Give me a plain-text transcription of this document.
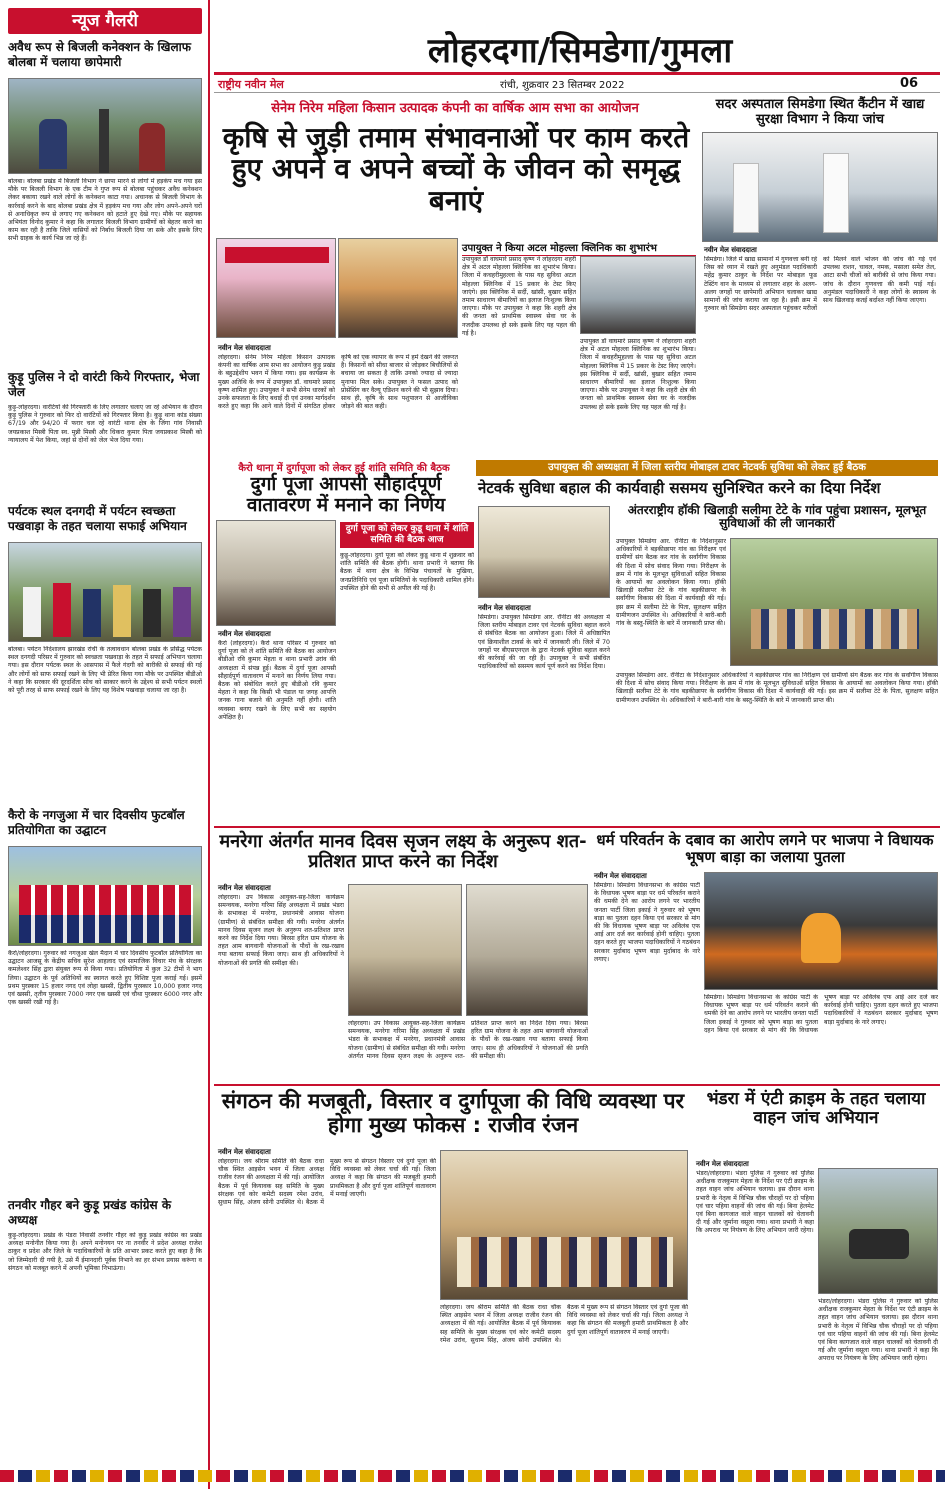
न्यूज गैलरी
अवैध रूप से बिजली कनेक्शन के खिलाफ बोलबा में चलाया छापेमारी
बोलबा। बोलबा प्रखंड में बिजली विभाग ने छापा मारने से लोगों में हड़कंप मच गया इस मौके पर बिजली विभाग के एक टीम ने गुप्त रूप से बोलबा पहुंचकर अवैध कनेक्शन लेकर बकाया रखने वाले लोगों के कनेक्शन काटा गया। अचानक से बिजली विभाग के कार्रवाई करने के बाद बोलबा प्रखंड क्षेत्र में हड़कंप मच गया और लोग अपने-अपने घरों से अनाधिकृत रूप से लगाए गए कनेक्शन को हटाते हुए देखे गए। मौके पर सहायक अभियंता विनोद कुमार ने कहा कि लगातार बिजली विभाग ग्रामीणों को बेहतर करने का काम कर रही है ताकि जिले वासियों को निर्बाध बिजली दिया जा सके और इसके लिए सभी ग्राहक के कार्य भिन्न जा रहे हैं।
कुड़ू पुलिस ने दो वारंटी किये गिरफ्तार, भेजा जेल
कुड़ू-लोहरदगा। वारंटियों की गिरफ्तारी के लिए लगातार चलाए जा रहे अभियान के दौरान कुड़ू पुलिस ने गुरुवार को फिर दो वारंटियों को गिरफ्तार किया है। कुड़ू थाना कांड संख्या 67/19 और 94/20 में फरार चल रहे वारंटी थाना क्षेत्र के जिंगा गांव निवासी जयप्रकाश मिस्त्री पिता स्व. मुन्नी मिस्त्री और धिकरा कुमार पिता जयप्रकाश मिस्त्री को न्यायालय में पेश किया, जहां से दोनों को जेल भेज दिया गया।
पर्यटक स्थल दनगदी में पर्यटन स्वच्छता पखवाड़ा के तहत चलाया सफाई अभियान
बोलबा। पर्यटन निदेशालय झारखंड रांची के तत्वावधान बोलबा प्रखंड के प्रसिद्ध पर्यटक स्थल दनगदी परिसर में गुरुवार को स्वच्छता पखवाड़ा के तहत में सफाई अभियान चलाया गया। इस दौरान पर्यटक स्थल के आसपास में फैले गंदगी को बारीकी से सफाई की गई और लोगों को साफ सफाई रखने के लिए भी प्रेरित किया गया मौके पर उपस्थित बीडीओ ने कहा कि सरकार की दूरदर्शिता सोच को साकार करने के उद्देश्य से सभी पर्यटन स्थलों को पूरी तरह से साफ सफाई रखने के लिए यह विशेष पखवाड़ा चलाया जा रहा है।
कैरो के नगजुआ में चार दिवसीय फुटबॉल प्रतियोगिता का उद्घाटन
कैरो/लोहरदगा। गुरुवार को नगजुआ खेल मैदान में चार दिवसीय फुटबॉल प्रतियोगिता का उद्घाटन आजसू के केंद्रीय सचिव सुरेश आहलाद एवं सामाजिक विचार मंच के संरक्षक कमलेश्वर सिंह द्वारा संयुक्त रूप से किया गया। प्रतियोगिता में कुल 32 टीमों ने भाग लिया। उद्घाटन के पूर्व अतिथियों का स्वागत करते हुए विशिष्ट पूजा कराई गई। इसमें प्रथम पुरस्कार 15 हजार नगद एवं लोहा खस्सी, द्वितीय पुरस्कार 10,000 हजार नगद एवं खस्सी, तृतीय पुरस्कार 7000 नगर एक खस्सी एवं चौथा पुरस्कार 6000 नगर और एक खस्सी रखी गई है।
तनवीर गौहर बने कुड़ू प्रखंड कांग्रेस के अध्यक्ष
कुड़ू-लोहरदगा। प्रखंड के पंडरा निवासी तनवीर गौहर को कुड़ू प्रखंड कांग्रेस का प्रखंड अध्यक्ष मनोनीत किया गया है। अपने मनोनयन पर ना तनवीर ने प्रदेश अध्यक्ष राजेश ठाकुर व प्रदेश और जिले के पदाधिकारियों के प्रति आभार प्रकट करते हुए कहा है कि जो जिम्मेदारी दी गयी है, उसे मैं ईमानदारी पूर्वक निभाने का हर संभव प्रयास करूंगा व संगठन को मजबूत करने में अपनी भूमिका निभाऊंगा।
लोहरदगा/सिमडेगा/गुमला
राष्ट्रीय नवीन मेल	रांची, शुक्रवार 23 सितम्बर 2022	06
सेनेम निरेम महिला किसान उत्पादक कंपनी का वार्षिक आम सभा का आयोजन
कृषि से जुड़ी तमाम संभावनाओं पर काम करते हुए अपने व अपने बच्चों के जीवन को समृद्ध बनाएं
नवीन मेल संवाददाता
लोहरदगा। सेनेम निरेम महिला किसान उत्पादक कंपनी का वार्षिक आम सभा का आयोजन कुड़ू प्रखंड के बहुउद्देशीय भवन में किया गया। इस कार्यक्रम के मुख्य अतिथि के रूप में उपायुक्त डॉ. वाघमारे प्रसाद कृष्ण शामिल हुए। उपायुक्त ने सभी सेनेम धारकों को उनके सफलता के लिए बधाई दी एवं उनका मार्गदर्शन करते हुए कहा कि आने वाले दिनों में संगठित होकर कृषि को एक व्यापार के रूप में हमें देखने की जरूरत है। किसानों को सीधा बाजार से जोड़कर बिचौलियों से बचाया जा सकता है ताकि उनको ज्यादा से ज्यादा मुनाफा मिल सके। उपायुक्त ने फसल उत्पाद को प्रोसेसिंग कर वैल्यू एडिशन करने की भी सुझाव दिया। साथ ही, कृषि के साथ पशुपालन से आजीविका जोड़ने की बात कही।
उपायुक्त ने किया अटल मोहल्ला क्लिनिक का शुभारंभ
उपायुक्त डॉ वाघमारे प्रसाद कृष्ण ने लोहरदगा शहरी क्षेत्र में अटल मोहल्ला क्लिनिक का शुभारंभ किया। जिला में कचहरीमुहल्ला के पास यह सुविधा अटल मोहल्ला क्लिनिक में 15 प्रकार के टेस्ट किए जाएंगे। इस क्लिनिक में सर्दी, खांसी, बुखार सहित तमाम साधारण बीमारियों का इलाज निःशुल्क किया जाएगा। मौके पर उपायुक्त ने कहा कि शहरी क्षेत्र की जनता को प्राथमिक स्वास्थ्य सेवा घर के नजदीक उपलब्ध हो सके इसके लिए यह पहल की गई है।
उपायुक्त डॉ वाघमारे प्रसाद कृष्ण ने लोहरदगा शहरी क्षेत्र में अटल मोहल्ला क्लिनिक का शुभारंभ किया। जिला में कचहरीमुहल्ला के पास यह सुविधा अटल मोहल्ला क्लिनिक में 15 प्रकार के टेस्ट किए जाएंगे। इस क्लिनिक में सर्दी, खांसी, बुखार सहित तमाम साधारण बीमारियों का इलाज निःशुल्क किया जाएगा। मौके पर उपायुक्त ने कहा कि शहरी क्षेत्र की जनता को प्राथमिक स्वास्थ्य सेवा घर के नजदीक उपलब्ध हो सके इसके लिए यह पहल की गई है।
सदर अस्पताल सिमडेगा स्थित कैंटीन में खाद्य सुरक्षा विभाग ने किया जांच
नवीन मेल संवाददाता
सिमडेगा। जिले में खाद्य सामानों में गुणवत्ता बनी रहे जिस को ध्यान में रखते हुए अनुमंडल पदाधिकारी महेंद्र कुमार ठाकुर के निर्देश पर मोबाइल फूड टेस्टिंग वान के माध्यम से लगातार शहर के अलग-अलग जगहों पर छापेमारी अभियान चलाकर खाद्य सामानों की जांच कराया जा रहा है। इसी क्रम में गुरुवार को सिमडेगा सदर अस्पताल पहुंचकर मरीजों को मिलने वाले भोजन की जांच की गई एवं उपलब्ध राशन, चावल, नमक, मसाला समेत तेल, आटा सभी चीजों को बारीकी से जांच किया गया। जांच के दौरान गुणवत्ता की कमी पाई गई। अनुमंडल पदाधिकारी ने कहा लोगों के स्वास्थ्य के साथ खिलवाड़ कतई बर्दाश्त नहीं किया जाएगा।
कैरो थाना में दुर्गापूजा को लेकर हुई शांति समिति की बैठक
दुर्गा पूजा आपसी सौहार्दपूर्ण वातावरण में मनाने का निर्णय
दुर्गा पूजा को लेकर कुडू थाना में शांति समिति की बैठक आज
कुडू-लोहरदगा। दुर्गा पूजा को लेकर कुडू थाना में शुक्रवार को शांति समिति की बैठक होगी। थाना प्रभारी ने बताया कि बैठक में थाना क्षेत्र के विभिन्न पंचायतों के मुखिया, जनप्रतिनिधि एवं पूजा समितियों के पदाधिकारी शामिल होंगे। उपस्थित होने की सभी से अपील की गई है।
नवीन मेल संवाददाता
कैरो (लोहरदगा)। कैरो थाना परिसर में गुरुवार को दुर्गा पूजा को ले शांति समिति की बैठक का आयोजन बीडीओ रवि कुमार मेहता व थाना प्रभारी उरांव की अध्यक्षता में संपन्न हुई। बैठक में दुर्गा पूजा आपसी सौहार्दपूर्ण वातावरण में मनाने का निर्णय लिया गया। बैठक को संबोधित करते हुए बीडीओ रवि कुमार मेहता ने कहा कि किसी भी पंडाल या जगह आपत्ति जनक गाना बजाने की अनुमति नहीं होगी। शांति व्यवस्था बनाए रखने के लिए सभी का सहयोग अपेक्षित है।
उपायुक्त की अध्यक्षता में जिला स्तरीय मोबाइल टावर नेटवर्क सुविधा को लेकर हुई बैठक
नेटवर्क सुविधा बहाल की कार्यवाही ससमय सुनिश्चित करने का दिया निर्देश
नवीन मेल संवाददाता
सिमडेगा। उपायुक्त सिमडेगा आर. रॉनीटा की अध्यक्षता में जिला स्तरीय मोबाइल टावर एवं नेटवर्क सुविधा बहाल करने से संबंधित बैठक का आयोजन हुआ। जिले में अधिष्ठापित एवं क्रियाशील टावर्स के बारे में जानकारी ली। जिले में 70 जगहों पर बीएसएनएल के द्वारा नेटवर्क सुविधा बहाल करने की कार्रवाई की जा रही है। उपायुक्त ने सभी संबंधित पदाधिकारियों को ससमय कार्य पूर्ण करने का निर्देश दिया।
अंतरराष्ट्रीय हॉकी खिलाड़ी सलीमा टेटे के गांव पहुंचा प्रशासन, मूलभूत सुविधाओं की ली जानकारी
उपायुक्त सिमडेगा आर. रॉनीटा के निर्देशानुसार अधिकारियों ने बड़कीछापर गांव का निरीक्षण एवं ग्रामीणों संग बैठक कर गांव के सर्वांगीण विकास की दिशा में सोच संवाद किया गया। निरीक्षण के क्रम में गांव के मूलभूत सुविधाओं सहित विकास के आयामों का अवलोकन किया गया। हॉकी खिलाड़ी सलीमा टेटे के गांव बड़कीछापर के सर्वांगीण विकास की दिशा में कार्यवाही की गई। इस क्रम में सलीमा टेटे के पिता, सुलक्षण सहित ग्रामीणजन उपस्थित थे। अधिकारियों ने बारी-बारी गांव के बस्तु-स्थिति के बारे में जानकारी प्राप्त की।
उपायुक्त सिमडेगा आर. रॉनीटा के निर्देशानुसार अधिकारियों ने बड़कीछापर गांव का निरीक्षण एवं ग्रामीणों संग बैठक कर गांव के सर्वांगीण विकास की दिशा में सोच संवाद किया गया। निरीक्षण के क्रम में गांव के मूलभूत सुविधाओं सहित विकास के आयामों का अवलोकन किया गया। हॉकी खिलाड़ी सलीमा टेटे के गांव बड़कीछापर के सर्वांगीण विकास की दिशा में कार्यवाही की गई। इस क्रम में सलीमा टेटे के पिता, सुलक्षण सहित ग्रामीणजन उपस्थित थे। अधिकारियों ने बारी-बारी गांव के बस्तु-स्थिति के बारे में जानकारी प्राप्त की।
मनरेगा अंतर्गत मानव दिवस सृजन लक्ष्य के अनुरूप शत-प्रतिशत प्राप्त करने का निर्देश
नवीन मेल संवाददाता
लोहरदगा। उप विकास आयुक्त-सह-जिला कार्यक्रम समन्वयक, मनरेगा गरिमा सिंह अध्यक्षता में प्रखंड भंडरा के सभाकक्ष में मनरेगा, प्रधानमंत्री आवास योजना (ग्रामीण) से संबंधित समीक्षा की गयी। मनरेगा अंतर्गत मानव दिवस सृजन लक्ष्य के अनुरूप शत-प्रतिशत प्राप्त करने का निर्देश दिया गया। बिरसा हरित ग्राम योजना के तहत आम बागवानी योजनाओं के पौधों के रख-रखाव गया बताया सफाई किया जाए। साथ ही अधिकारियों ने योजनाओं की प्रगति की समीक्षा की।
लोहरदगा। उप विकास आयुक्त-सह-जिला कार्यक्रम समन्वयक, मनरेगा गरिमा सिंह अध्यक्षता में प्रखंड भंडरा के सभाकक्ष में मनरेगा, प्रधानमंत्री आवास योजना (ग्रामीण) से संबंधित समीक्षा की गयी। मनरेगा अंतर्गत मानव दिवस सृजन लक्ष्य के अनुरूप शत-प्रतिशत प्राप्त करने का निर्देश दिया गया। बिरसा हरित ग्राम योजना के तहत आम बागवानी योजनाओं के पौधों के रख-रखाव गया बताया सफाई किया जाए। साथ ही अधिकारियों ने योजनाओं की प्रगति की समीक्षा की।
धर्म परिवर्तन के दबाव का आरोप लगने पर भाजपा ने विधायक भूषण बाड़ा का जलाया पुतला
नवीन मेल संवाददाता
सिमडेगा। सिमडेगा विधानसभा के कांग्रेस पार्टी के विधायक भूषण बाड़ा पर धर्म परिवर्तन कराने की धमकी देने का आरोप लगने पर भारतीय जनता पार्टी जिला इकाई ने गुरुवार को भूषण बाड़ा का पुतला दहन किया एवं सरकार से मांग की कि विधायक भूषण बाड़ा पर अविलंब एफ आई आर दर्ज कर कार्रवाई होनी चाहिए। पुतला दहन करते हुए भाजपा पदाधिकारियों ने गठबंधन सरकार मुर्दाबाद भूषण बाड़ा मुर्दाबाद के नारे लगाए।
सिमडेगा। सिमडेगा विधानसभा के कांग्रेस पार्टी के विधायक भूषण बाड़ा पर धर्म परिवर्तन कराने की धमकी देने का आरोप लगने पर भारतीय जनता पार्टी जिला इकाई ने गुरुवार को भूषण बाड़ा का पुतला दहन किया एवं सरकार से मांग की कि विधायक भूषण बाड़ा पर अविलंब एफ आई आर दर्ज कर कार्रवाई होनी चाहिए। पुतला दहन करते हुए भाजपा पदाधिकारियों ने गठबंधन सरकार मुर्दाबाद भूषण बाड़ा मुर्दाबाद के नारे लगाए।
संगठन की मजबूती, विस्तार व दुर्गापूजा की विधि व्यवस्था पर होगा मुख्य फोकस : राजीव रंजन
नवीन मेल संवाददाता
लोहरदगा। जय श्रीराम समिति की बैठक राधा चौक स्थित आइसेन भवन में जिला अध्यक्ष राजीव रंजन की अध्यक्षता में की गई। आयोजित बैठक में पूर्व कियावक सह समिति के मुख्य संरक्षक एवं कोर कमेटी सदस्य रमेश उरांव, सुधाम सिंह, अंजय सोनी उपस्थित थे। बैठक में मुख्य रूप से संगठन विस्तार एवं दुर्गा पूजा की विधि व्यवस्था को लेकर चर्चा की गई। जिला अध्यक्ष ने कहा कि संगठन की मजबूती हमारी प्राथमिकता है और दुर्गा पूजा शांतिपूर्ण वातावरण में मनाई जाएगी।
लोहरदगा। जय श्रीराम समिति की बैठक राधा चौक स्थित आइसेन भवन में जिला अध्यक्ष राजीव रंजन की अध्यक्षता में की गई। आयोजित बैठक में पूर्व कियावक सह समिति के मुख्य संरक्षक एवं कोर कमेटी सदस्य रमेश उरांव, सुधाम सिंह, अंजय सोनी उपस्थित थे। बैठक में मुख्य रूप से संगठन विस्तार एवं दुर्गा पूजा की विधि व्यवस्था को लेकर चर्चा की गई। जिला अध्यक्ष ने कहा कि संगठन की मजबूती हमारी प्राथमिकता है और दुर्गा पूजा शांतिपूर्ण वातावरण में मनाई जाएगी।
भंडरा में एंटी क्राइम के तहत चलाया वाहन जांच अभियान
नवीन मेल संवाददाता
भंडरा/लोहरदगा। भंडरा पुलिस ने गुरुवार को पुलिस अधीक्षक राजकुमार मेहता के निर्देश पर एंटी क्राइम के तहत वाहन जांच अभियान चलाया। इस दौरान थाना प्रभारी के नेतृत्व में विभिन्न चौक चौराहों पर दो पहिया एवं चार पहिया वाहनों की जांच की गई। बिना हेलमेट एवं बिना कागजात वाले वाहन चालकों को चेतावनी दी गई और जुर्माना वसूला गया। थाना प्रभारी ने कहा कि अपराध पर नियंत्रण के लिए अभियान जारी रहेगा।
भंडरा/लोहरदगा। भंडरा पुलिस ने गुरुवार को पुलिस अधीक्षक राजकुमार मेहता के निर्देश पर एंटी क्राइम के तहत वाहन जांच अभियान चलाया। इस दौरान थाना प्रभारी के नेतृत्व में विभिन्न चौक चौराहों पर दो पहिया एवं चार पहिया वाहनों की जांच की गई। बिना हेलमेट एवं बिना कागजात वाले वाहन चालकों को चेतावनी दी गई और जुर्माना वसूला गया। थाना प्रभारी ने कहा कि अपराध पर नियंत्रण के लिए अभियान जारी रहेगा।
